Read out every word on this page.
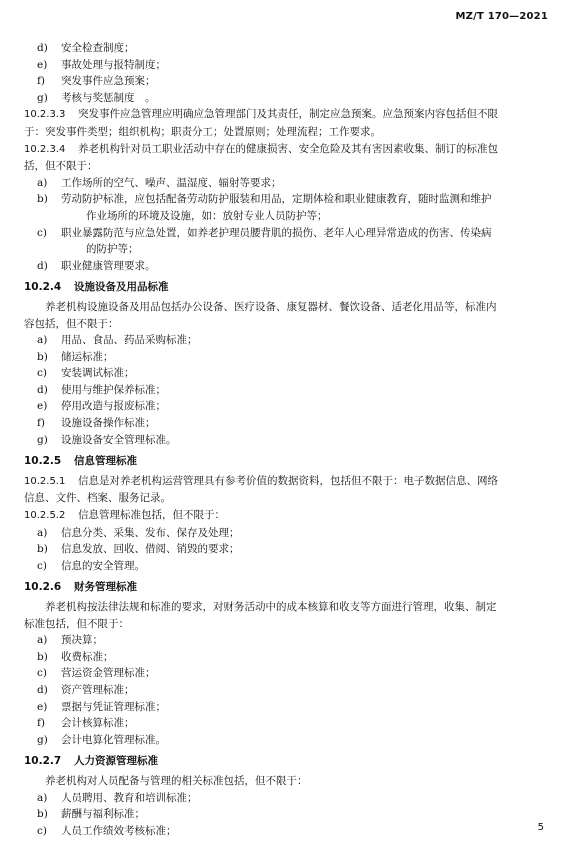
MZ/T 170—2021
d) 安全检查制度；
e) 事故处理与报特制度；
f) 突发事件应急预案；
g) 考核与奖惩制度　。
10.2.3.3 突发事件应急管理应明确应急管理部门及其责任，制定应急预案。应急预案内容包括但不限
于：突发事件类型；组织机构；职责分工；处置原则；处理流程；工作要求。
10.2.3.4 养老机构针对员工职业活动中存在的健康损害、安全危险及其有害因素收集、制订的标准包
括，但不限于：
a) 工作场所的空气、噪声、温湿度、辐射等要求；
b) 劳动防护标准，应包括配备劳动防护服装和用品，定期体检和职业健康教育，随时监测和维护
作业场所的环境及设施，如：放射专业人员防护等；
c) 职业暴露防范与应急处置，如养老护理员腰背肌的损伤、老年人心理异常造成的伤害、传染病
的防护等；
d) 职业健康管理要求。
10.2.4 设施设备及用品标准
养老机构设施设备及用品包括办公设备、医疗设备、康复器材、餐饮设备、适老化用品等，标准内
容包括，但不限于：
a) 用品、食品、药品采购标准；
b) 储运标准；
c) 安装调试标准；
d) 使用与维护保养标准；
e) 停用改造与报废标准；
f) 设施设备操作标准；
g) 设施设备安全管理标准。
10.2.5 信息管理标准
10.2.5.1 信息是对养老机构运营管理具有参考价值的数据资料，包括但不限于：电子数据信息、网络
信息、文件、档案、服务记录。
10.2.5.2 信息管理标准包括，但不限于：
a) 信息分类、采集、发布、保存及处理；
b) 信息发放、回收、借阅、销毁的要求；
c) 信息的安全管理。
10.2.6 财务管理标准
养老机构按法律法规和标准的要求，对财务活动中的成本核算和收支等方面进行管理，收集、制定
标准包括，但不限于：
a) 预决算；
b) 收费标准；
c) 营运资金管理标准；
d) 资产管理标准；
e) 票据与凭证管理标准；
f) 会计核算标准；
g) 会计电算化管理标准。
10.2.7 人力资源管理标准
养老机构对人员配备与管理的相关标准包括，但不限于：
a) 人员聘用、教育和培训标准；
b) 薪酬与福利标准；
c) 人员工作绩效考核标准；	5
